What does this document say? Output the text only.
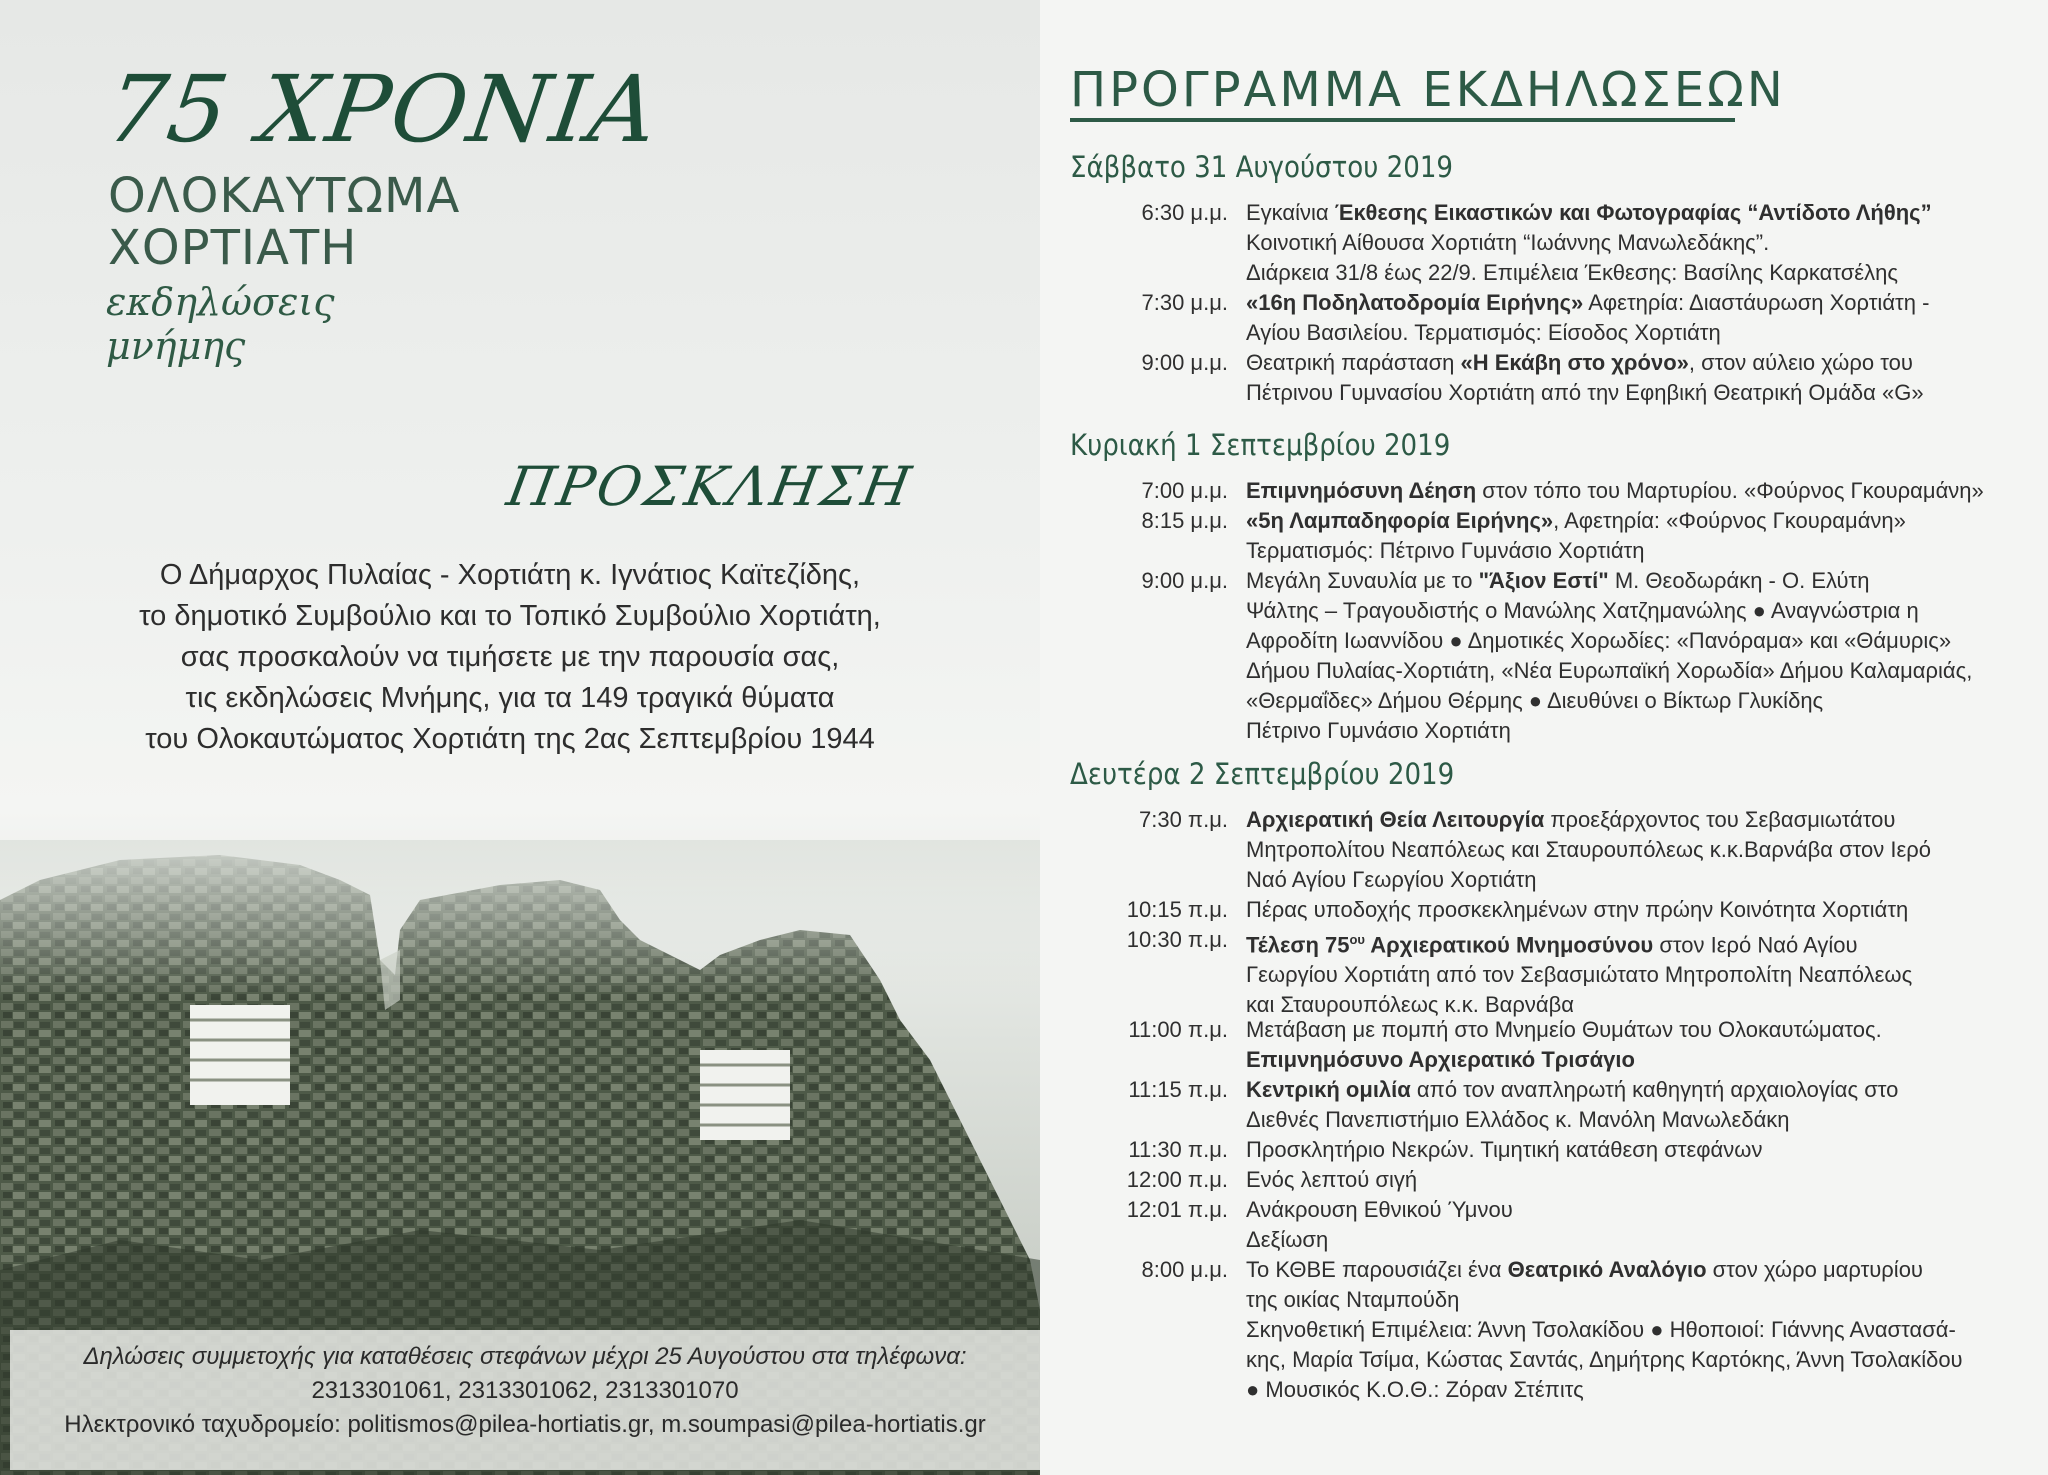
75 ΧΡΟΝΙΑ
ΟΛΟΚΑΥΤΩΜΑ
ΧΟΡΤΙΑΤΗ
εκδηλώσεις
μνήμης
ΠΡΟΣΚΛΗΣΗ
Ο Δήμαρχος Πυλαίας - Χορτιάτη κ. Ιγνάτιος Καϊτεζίδης,
το δημοτικό Συμβούλιο και το Τοπικό Συμβούλιο Χορτιάτη,
σας προσκαλούν να τιμήσετε με την παρουσία σας,
τις εκδηλώσεις Μνήμης, για τα 149 τραγικά θύματα
του Ολοκαυτώματος Χορτιάτη της 2ας Σεπτεμβρίου 1944
Δηλώσεις συμμετοχής για καταθέσεις στεφάνων μέχρι 25 Αυγούστου στα τηλέφωνα:
2313301061, 2313301062, 2313301070
Ηλεκτρονικό ταχυδρομείο: politismos@pilea-hortiatis.gr, m.soumpasi@pilea-hortiatis.gr
ΠΡΟΓΡΑΜΜΑ ΕΚΔΗΛΩΣΕΩΝ
Σάββατο 31 Αυγούστου 2019
6:30 μ.μ. Εγκαίνια Έκθεσης Εικαστικών και Φωτογραφίας “Αντίδοτο Λήθης”
Κοινοτική Αίθουσα Χορτιάτη “Ιωάννης Μανωλεδάκης”.
Διάρκεια 31/8 έως 22/9. Επιμέλεια Έκθεσης: Βασίλης Καρκατσέλης
7:30 μ.μ. «16η Ποδηλατοδρομία Ειρήνης» Αφετηρία: Διαστάυρωση Χορτιάτη -
Αγίου Βασιλείου. Τερματισμός: Είσοδος Χορτιάτη
9:00 μ.μ. Θεατρική παράσταση «Η Εκάβη στο χρόνο», στον αύλειο χώρο του
Πέτρινου Γυμνασίου Χορτιάτη από την Εφηβική Θεατρική Ομάδα «G»
Κυριακή 1 Σεπτεμβρίου 2019
7:00 μ.μ. Επιμνημόσυνη Δέηση στον τόπο του Μαρτυρίου. «Φούρνος Γκουραμάνη»
8:15 μ.μ. «5η Λαμπαδηφορία Ειρήνης», Αφετηρία: «Φούρνος Γκουραμάνη»
Τερματισμός: Πέτρινο Γυμνάσιο Χορτιάτη
9:00 μ.μ. Μεγάλη Συναυλία με το "Άξιον Εστί" Μ. Θεοδωράκη - Ο. Ελύτη
Ψάλτης – Τραγουδιστής ο Μανώλης Χατζημανώλης ● Αναγνώστρια η
Αφροδίτη Ιωαννίδου ● Δημοτικές Χορωδίες: «Πανόραμα» και «Θάμυρις»
Δήμου Πυλαίας-Χορτιάτη, «Νέα Ευρωπαϊκή Χορωδία» Δήμου Καλαμαριάς,
«Θερμαΐδες» Δήμου Θέρμης ● Διευθύνει ο Βίκτωρ Γλυκίδης
Πέτρινο Γυμνάσιο Χορτιάτη
Δευτέρα 2 Σεπτεμβρίου 2019
7:30 π.μ. Αρχιερατική Θεία Λειτουργία προεξάρχοντος του Σεβασμιωτάτου
Μητροπολίτου Νεαπόλεως και Σταυρουπόλεως κ.κ.Βαρνάβα στον Ιερό
Ναό Αγίου Γεωργίου Χορτιάτη
10:15 π.μ. Πέρας υποδοχής προσκεκλημένων στην πρώην Κοινότητα Χορτιάτη
10:30 π.μ. Τέλεση $75^{o\upsilon}$ Αρχιερατικού Μνημοσύνου στον Ιερό Ναό Αγίου
Γεωργίου Χορτιάτη από τον Σεβασμιώτατο Μητροπολίτη Νεαπόλεως
και Σταυρουπόλεως κ.κ. Βαρνάβα
11:00 π.μ. Μετάβαση με πομπή στο Μνημείο Θυμάτων του Ολοκαυτώματος.
Επιμνημόσυνο Αρχιερατικό Τρισάγιο
11:15 π.μ. Κεντρική ομιλία από τον αναπληρωτή καθηγητή αρχαιολογίας στο
Διεθνές Πανεπιστήμιο Ελλάδος κ. Μανόλη Μανωλεδάκη
11:30 π.μ. Προσκλητήριο Νεκρών. Τιμητική κατάθεση στεφάνων
12:00 π.μ. Ενός λεπτού σιγή
12:01 π.μ. Ανάκρουση Εθνικού Ύμνου
Δεξίωση
8:00 μ.μ. Το ΚΘΒΕ παρουσιάζει ένα Θεατρικό Αναλόγιο στον χώρο μαρτυρίου
της οικίας Νταμπούδη
Σκηνοθετική Επιμέλεια: Άννη Τσολακίδου ● Ηθοποιοί: Γιάννης Αναστασά-
κης, Μαρία Τσίμα, Κώστας Σαντάς, Δημήτρης Καρτόκης, Άννη Τσολακίδου
● Μουσικός Κ.Ο.Θ.: Ζόραν Στέπιτς
